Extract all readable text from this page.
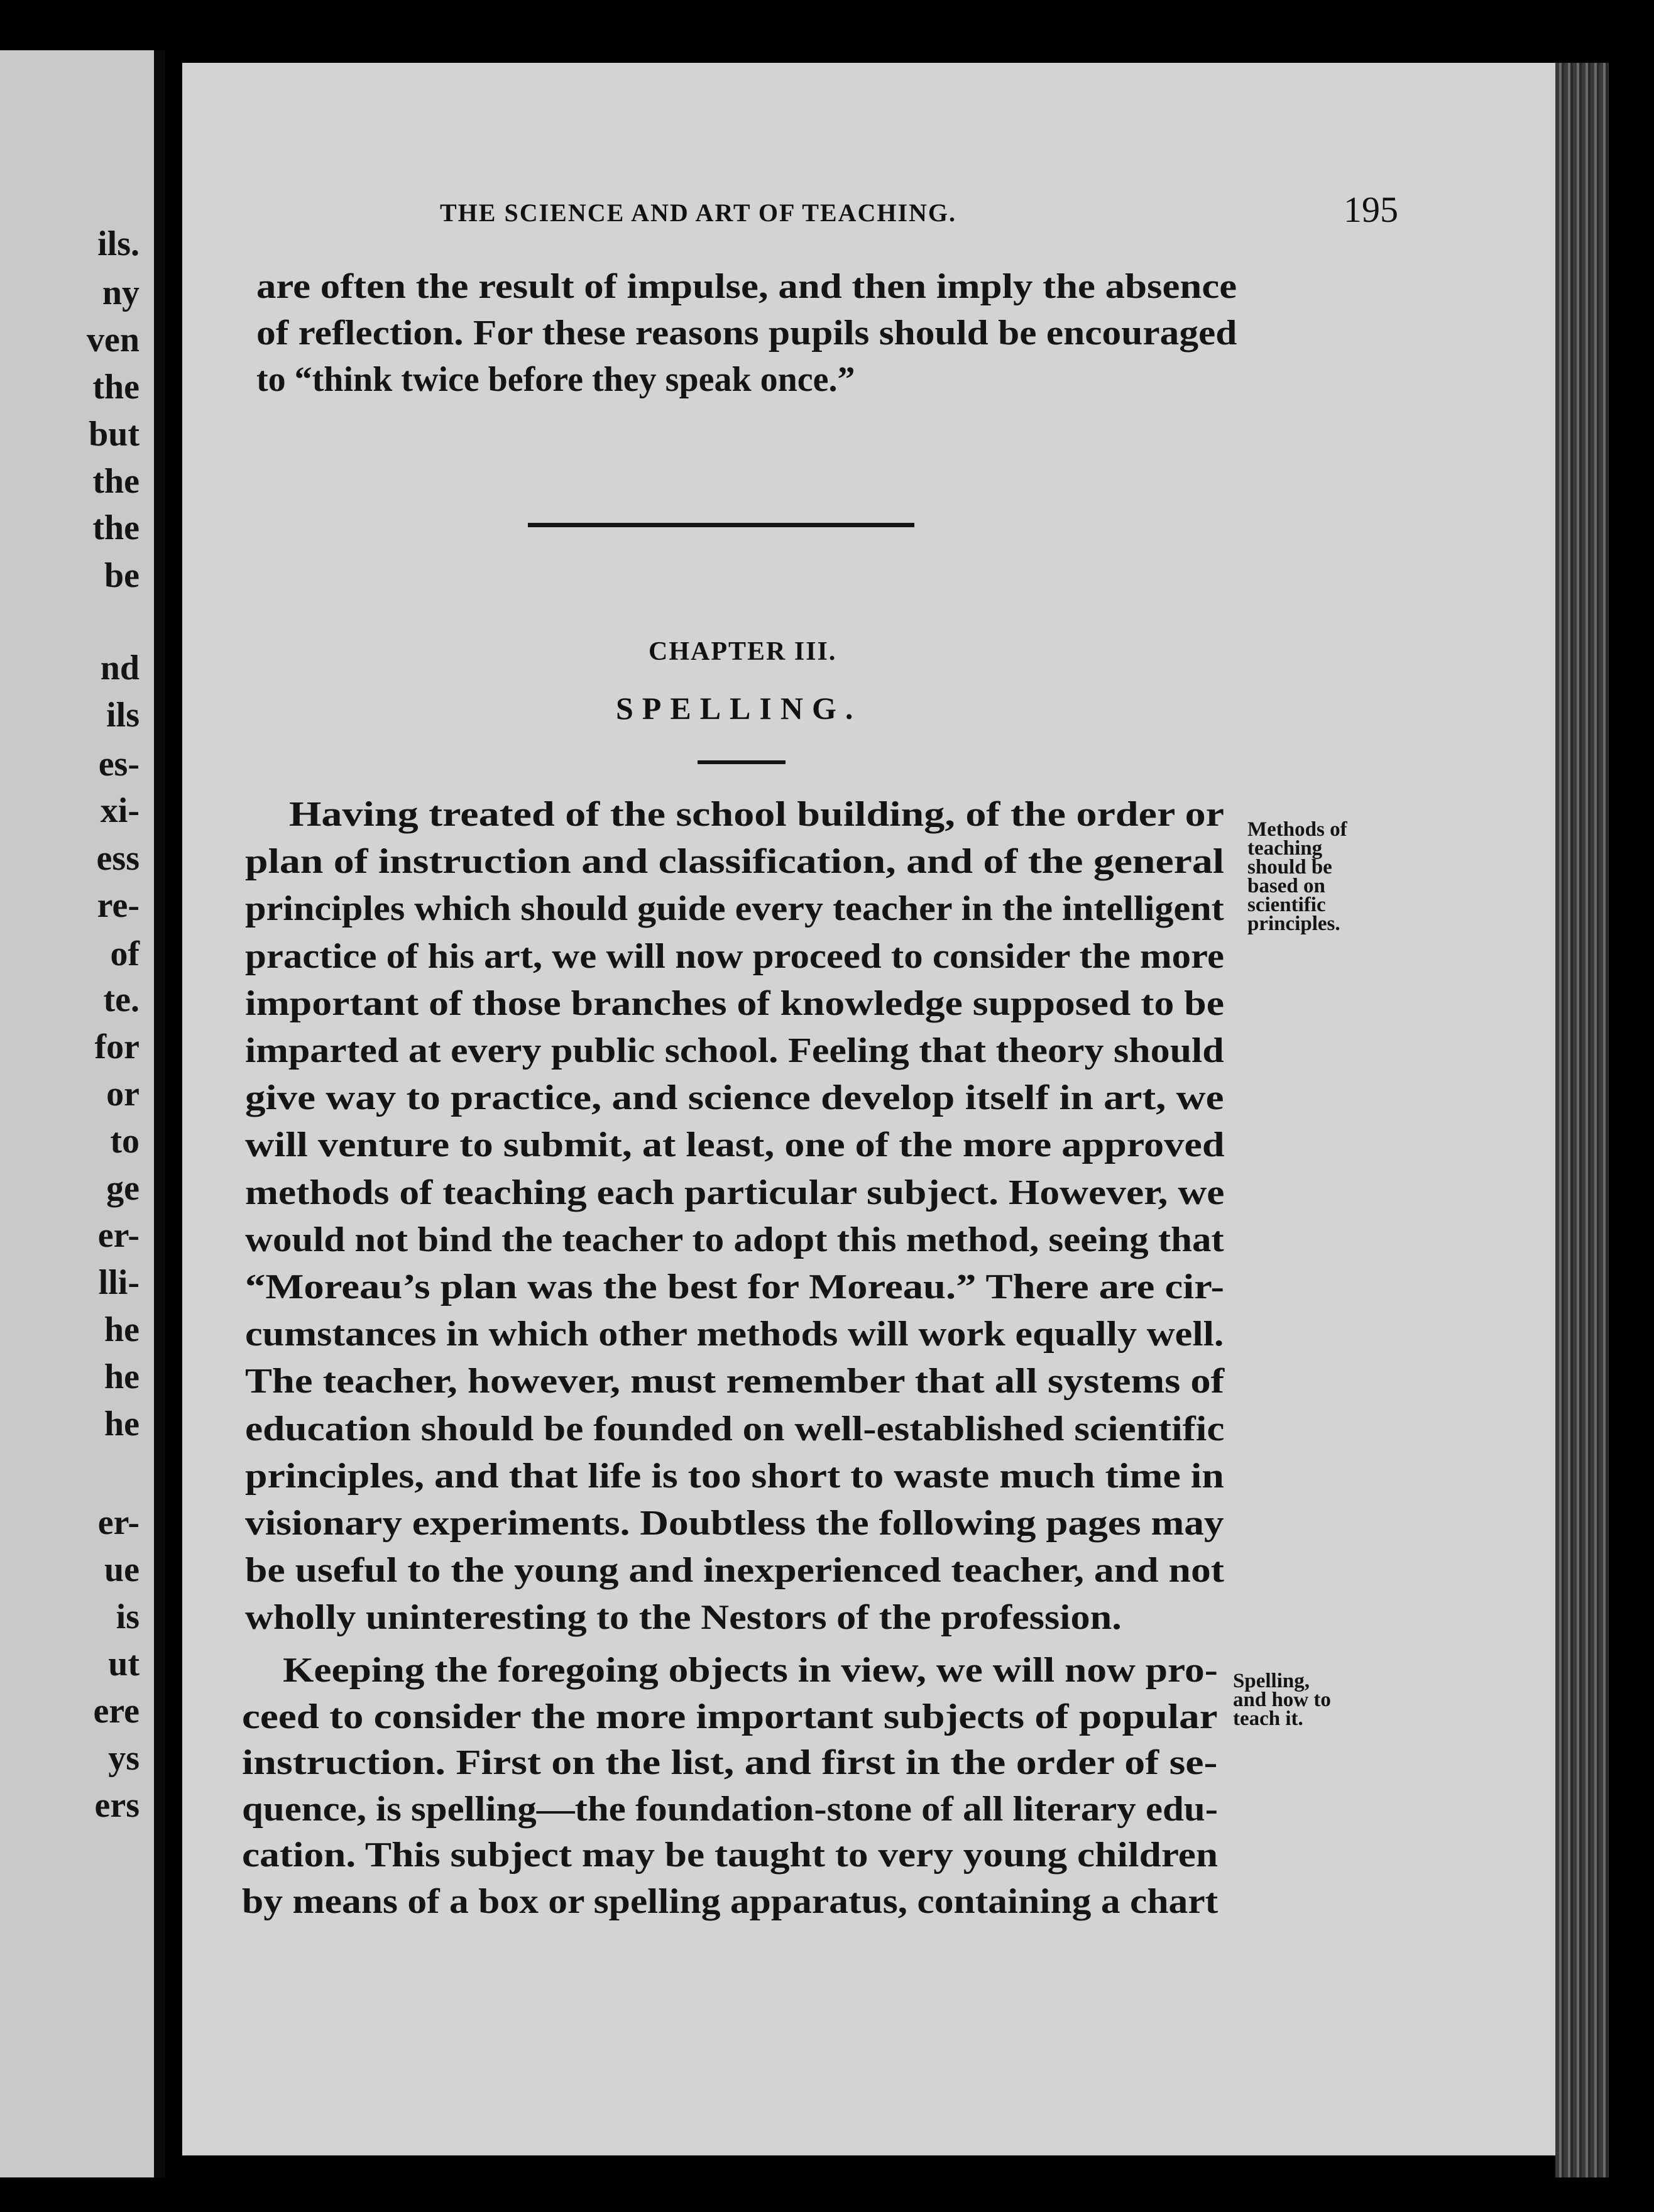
ils.
ny
ven
the
but
the
the
be
nd
ils
es-
xi-
ess
re-
of
te.
for
or
to
ge
er-
lli-
he
he
he
er-
ue
is
ut
ere
ys
ers
THE SCIENCE AND ART OF TEACHING.	195
are often the result of impulse, and then imply the absence
of reflection. For these reasons pupils should be encouraged
to “think twice before they speak once.”
CHAPTER III.
SPELLING.
Having treated of the school building, of the order or
plan of instruction and classification, and of the general
principles which should guide every teacher in the intelligent
practice of his art, we will now proceed to consider the more
important of those branches of knowledge supposed to be
imparted at every public school. Feeling that theory should
give way to practice, and science develop itself in art, we
will venture to submit, at least, one of the more approved
methods of teaching each particular subject. However, we
would not bind the teacher to adopt this method, seeing that
“Moreau’s plan was the best for Moreau.” There are cir-
cumstances in which other methods will work equally well.
The teacher, however, must remember that all systems of
education should be founded on well-established scientific
principles, and that life is too short to waste much time in
visionary experiments. Doubtless the following pages may
be useful to the young and inexperienced teacher, and not
wholly uninteresting to the Nestors of the profession.
Keeping the foregoing objects in view, we will now pro-
ceed to consider the more important subjects of popular
instruction. First on the list, and first in the order of se-
quence, is spelling—the foundation-stone of all literary edu-
cation. This subject may be taught to very young children
by means of a box or spelling apparatus, containing a chart
Methods of
teaching
should be
based on
scientific
principles.
Spelling,
and how to
teach it.
